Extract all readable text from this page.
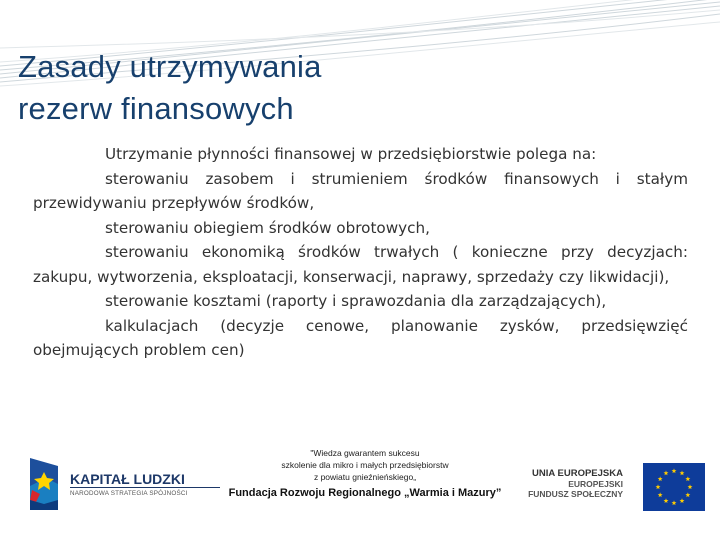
Zasady utrzymywania
rezerw finansowych

Utrzymanie płynności finansowej w przedsiębiorstwie polega na:

sterowaniu zasobem i strumieniem środków finansowych i stałym przewidywaniu przepływów środków,

sterowaniu obiegiem środków obrotowych,

sterowaniu ekonomiką środków trwałych ( konieczne przy decyzjach: zakupu, wytworzenia, eksploatacji, konserwacji, naprawy, sprzedaży czy likwidacji),

sterowanie kosztami (raporty i sprawozdania dla zarządzających),

kalkulacjach (decyzje cenowe, planowanie zysków, przedsięwzięć obejmujących problem cen)

KAPITAŁ LUDZKI
NARODOWA STRATEGIA SPÓJNOŚCI
"Wiedza gwarantem sukcesu
szkolenie dla mikro i małych przedsiębiorstw
z powiatu gnieźnieńskiego„
Fundacja Rozwoju Regionalnego „Warmia i Mazury”
UNIA EUROPEJSKA
EUROPEJSKI
FUNDUSZ SPOŁECZNY
